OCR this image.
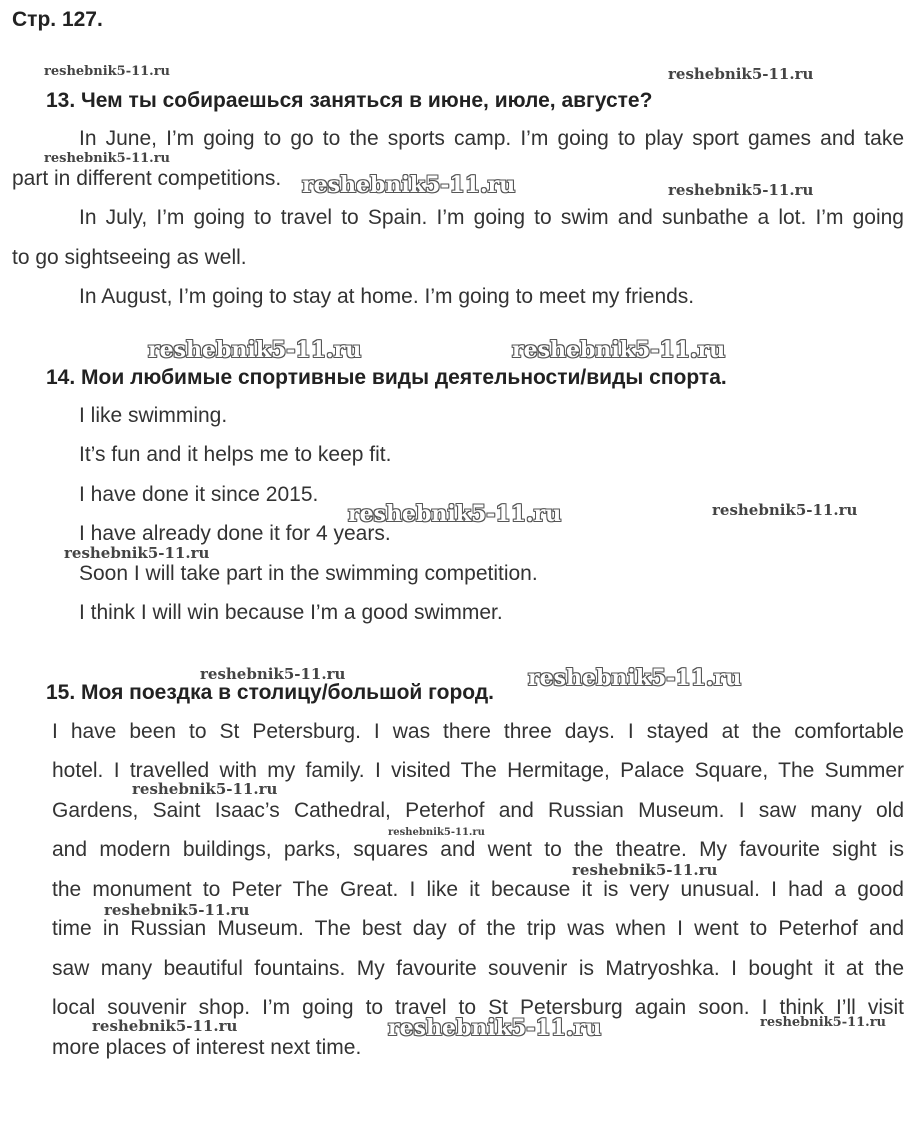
Стр. 127.
13. Чем ты собираешься заняться в июне, июле, августе?
In June, I’m going to go to the sports camp. I’m going to play sport games and take
part in different competitions.
In July, I’m going to travel to Spain. I’m going to swim and sunbathe a lot. I’m going
to go sightseeing as well.
In August, I’m going to stay at home. I’m going to meet my friends.
14. Мои любимые спортивные виды деятельности/виды спорта.
I like swimming.
It’s fun and it helps me to keep fit.
I have done it since 2015.
I have already done it for 4 years.
Soon I will take part in the swimming competition.
I think I will win because I’m a good swimmer.
15. Моя поездка в столицу/большой город.
I have been to St Petersburg. I was there three days. I stayed at the comfortable
hotel. I travelled with my family. I visited The Hermitage, Palace Square, The Summer
Gardens, Saint Isaac’s Cathedral, Peterhof and Russian Museum. I saw many old
and modern buildings, parks, squares and went to the theatre. My favourite sight is
the monument to Peter The Great. I like it because it is very unusual. I had a good
time in Russian Museum. The best day of the trip was when I went to Peterhof and
saw many beautiful fountains. My favourite souvenir is Matryoshka. I bought it at the
local souvenir shop. I’m going to travel to St Petersburg again soon. I think I’ll visit
more places of interest next time.
reshebnik5-11.ru	reshebnik5-11.ru
reshebnik5-11.ru
reshebnik5-11.ru	reshebnik5-11.ru
reshebnik5-11.ru	reshebnik5-11.ru
reshebnik5-11.ru	reshebnik5-11.ru
reshebnik5-11.ru
reshebnik5-11.ru	reshebnik5-11.ru
reshebnik5-11.ru
reshebnik5-11.ru
reshebnik5-11.ru
reshebnik5-11.ru
reshebnik5-11.ru	reshebnik5-11.ru	reshebnik5-11.ru
